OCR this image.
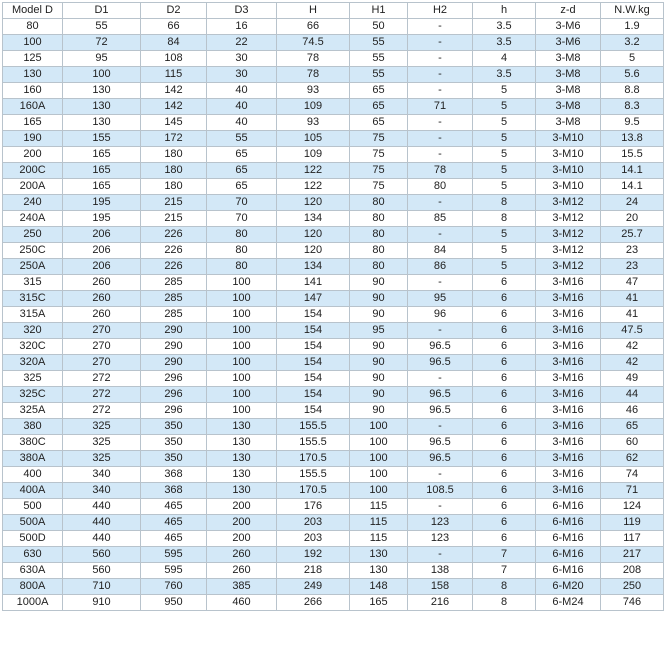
Model D	D1	D2	D3	H	H1	H2	h	z-d	N.W.kg
80	55	66	16	66	50	-	3.5	3-M6	1.9
100	72	84	22	74.5	55	-	3.5	3-M6	3.2
125	95	108	30	78	55	-	4	3-M8	5
130	100	115	30	78	55	-	3.5	3-M8	5.6
160	130	142	40	93	65	-	5	3-M8	8.8
160A	130	142	40	109	65	71	5	3-M8	8.3
165	130	145	40	93	65	-	5	3-M8	9.5
190	155	172	55	105	75	-	5	3-M10	13.8
200	165	180	65	109	75	-	5	3-M10	15.5
200C	165	180	65	122	75	78	5	3-M10	14.1
200A	165	180	65	122	75	80	5	3-M10	14.1
240	195	215	70	120	80	-	8	3-M12	24
240A	195	215	70	134	80	85	8	3-M12	20
250	206	226	80	120	80	-	5	3-M12	25.7
250C	206	226	80	120	80	84	5	3-M12	23
250A	206	226	80	134	80	86	5	3-M12	23
315	260	285	100	141	90	-	6	3-M16	47
315C	260	285	100	147	90	95	6	3-M16	41
315A	260	285	100	154	90	96	6	3-M16	41
320	270	290	100	154	95	-	6	3-M16	47.5
320C	270	290	100	154	90	96.5	6	3-M16	42
320A	270	290	100	154	90	96.5	6	3-M16	42
325	272	296	100	154	90	-	6	3-M16	49
325C	272	296	100	154	90	96.5	6	3-M16	44
325A	272	296	100	154	90	96.5	6	3-M16	46
380	325	350	130	155.5	100	-	6	3-M16	65
380C	325	350	130	155.5	100	96.5	6	3-M16	60
380A	325	350	130	170.5	100	96.5	6	3-M16	62
400	340	368	130	155.5	100	-	6	3-M16	74
400A	340	368	130	170.5	100	108.5	6	3-M16	71
500	440	465	200	176	115	-	6	6-M16	124
500A	440	465	200	203	115	123	6	6-M16	119
500D	440	465	200	203	115	123	6	6-M16	117
630	560	595	260	192	130	-	7	6-M16	217
630A	560	595	260	218	130	138	7	6-M16	208
800A	710	760	385	249	148	158	8	6-M20	250
1000A	910	950	460	266	165	216	8	6-M24	746
